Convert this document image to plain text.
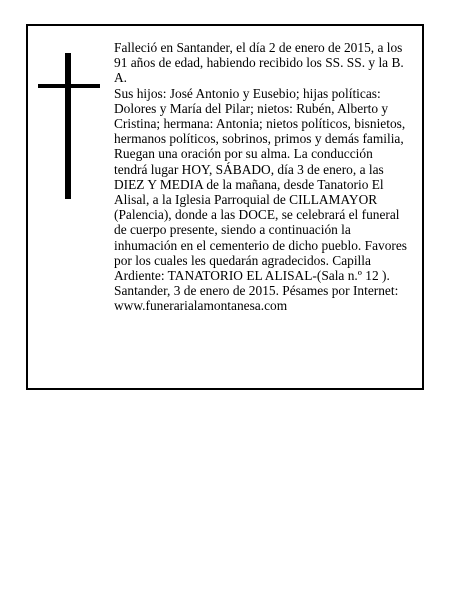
Falleció en Santander, el día 2 de enero de 2015, a los 91 años de edad, habiendo recibido los SS. SS. y la B. A.

Sus hijos: José Antonio y Eusebio; hijas políticas: Dolores y María del Pilar; nietos: Rubén, Alberto y Cristina; hermana: Antonia; nietos políticos, bisnietos, hermanos políticos, sobrinos, primos y demás familia, Ruegan una oración por su alma. La conducción tendrá lugar HOY, SÁBADO, día 3 de enero, a las DIEZ Y MEDIA de la mañana, desde Tanatorio El Alisal, a la Iglesia Parroquial de CILLAMAYOR (Palencia), donde a las DOCE, se celebrará el funeral de cuerpo presente, siendo a continuación la inhumación en el cementerio de dicho pueblo. Favores por los cuales les quedarán agradecidos. Capilla Ardiente: TANATORIO EL ALISAL-(Sala n.º 12 ).

Santander, 3 de enero de 2015. Pésames por Internet:

www.funerarialamontanesa.com
